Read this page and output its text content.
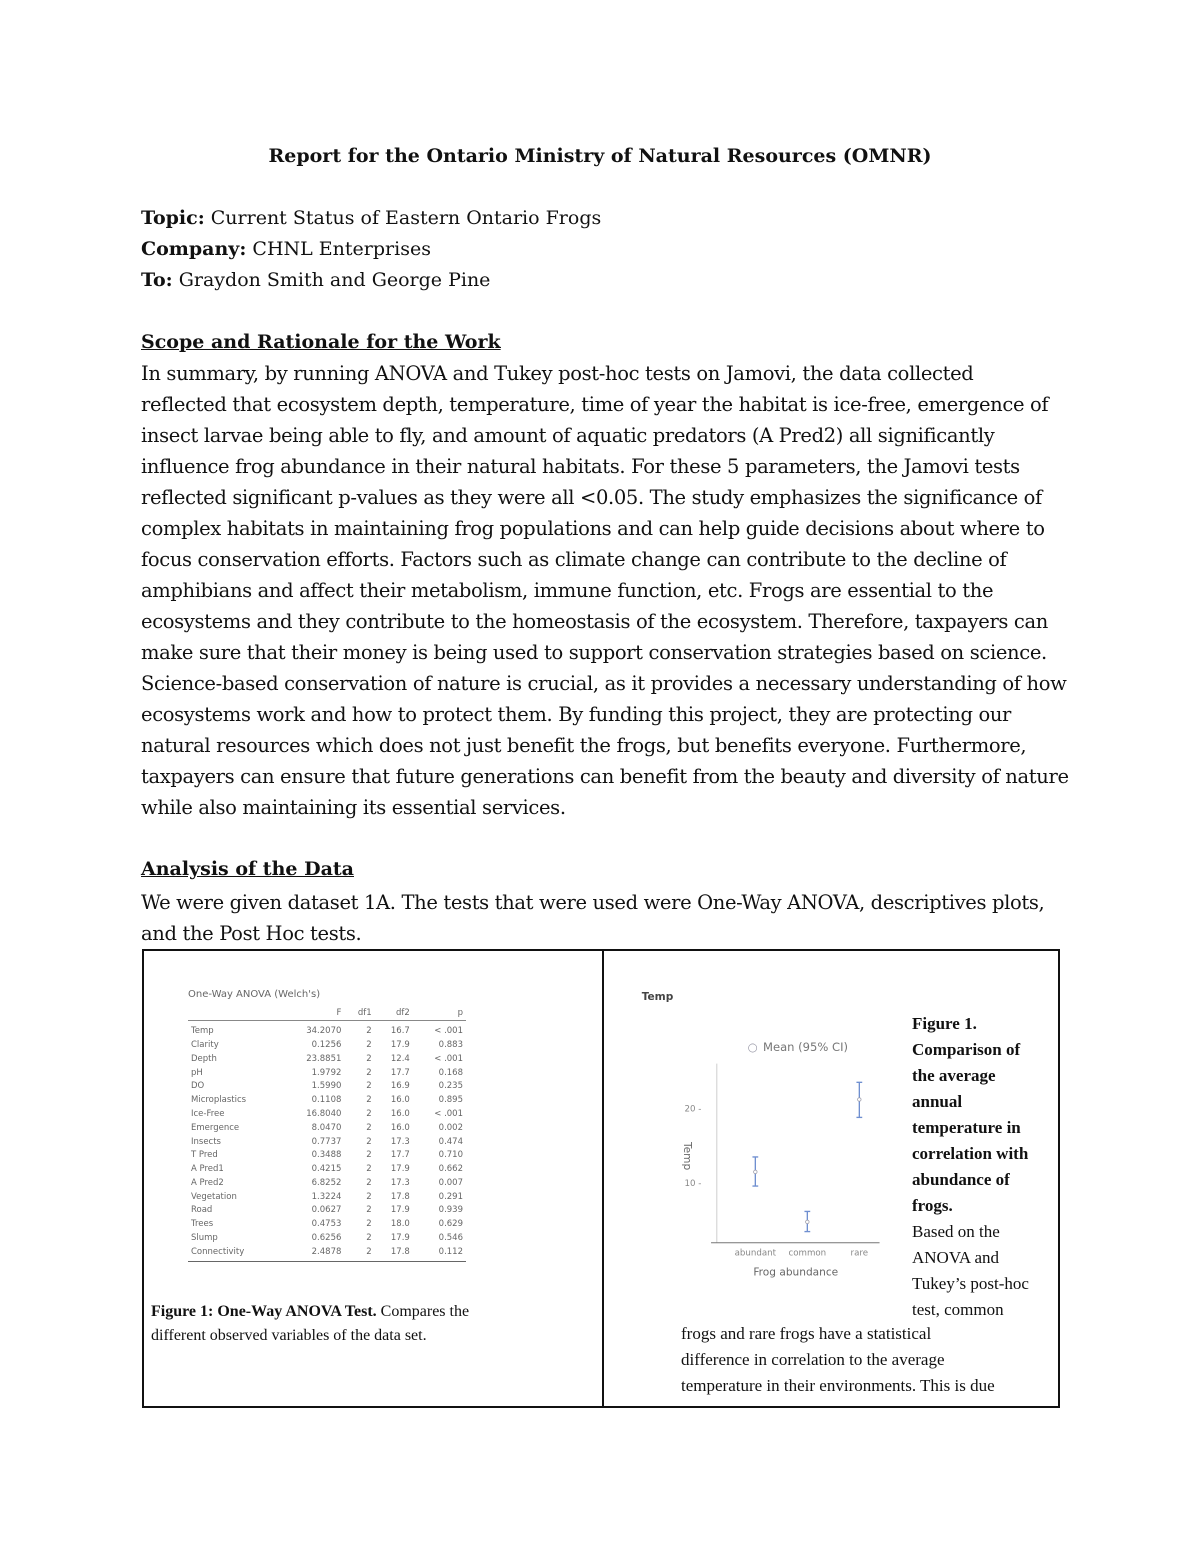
Report for the Ontario Ministry of Natural Resources (OMNR)
Topic: Current Status of Eastern Ontario Frogs
Company: CHNL Enterprises
To: Graydon Smith and George Pine
Scope and Rationale for the Work
In summary, by running ANOVA and Tukey post-hoc tests on Jamovi, the data collected
reflected that ecosystem depth, temperature, time of year the habitat is ice-free, emergence of
insect larvae being able to fly, and amount of aquatic predators (A Pred2) all significantly
influence frog abundance in their natural habitats. For these 5 parameters, the Jamovi tests
reflected significant p-values as they were all <0.05. The study emphasizes the significance of
complex habitats in maintaining frog populations and can help guide decisions about where to
focus conservation efforts. Factors such as climate change can contribute to the decline of
amphibians and affect their metabolism, immune function, etc. Frogs are essential to the
ecosystems and they contribute to the homeostasis of the ecosystem. Therefore, taxpayers can
make sure that their money is being used to support conservation strategies based on science.
Science-based conservation of nature is crucial, as it provides a necessary understanding of how
ecosystems work and how to protect them. By funding this project, they are protecting our
natural resources which does not just benefit the frogs, but benefits everyone. Furthermore,
taxpayers can ensure that future generations can benefit from the beauty and diversity of nature
while also maintaining its essential services.
Analysis of the Data
We were given dataset 1A. The tests that were used were One-Way ANOVA, descriptives plots,
and the Post Hoc tests.
One-Way ANOVA (Welch's)
	F	df1	df2	p
Temp	34.2070	2	16.7	< .001
Clarity	0.1256	2	17.9	0.883
Depth	23.8851	2	12.4	< .001
pH	1.9792	2	17.7	0.168
DO	1.5990	2	16.9	0.235
Microplastics	0.1108	2	16.0	0.895
Ice-Free	16.8040	2	16.0	< .001
Emergence	8.0470	2	16.0	0.002
Insects	0.7737	2	17.3	0.474
T Pred	0.3488	2	17.7	0.710
A Pred1	0.4215	2	17.9	0.662
A Pred2	6.8252	2	17.3	0.007
Vegetation	1.3224	2	17.8	0.291
Road	0.0627	2	17.9	0.939
Trees	0.4753	2	18.0	0.629
Slump	0.6256	2	17.9	0.546
Connectivity	2.4878	2	17.8	0.112
Figure 1: One-Way ANOVA Test. Compares the
different observed variables of the data set.
Temp
○ Mean (95% CI)
10 -
20 -
abundant common	rare
Frog abundance
Temp
Figure 1.
Comparison of
the average
annual
temperature in
correlation with
abundance of
frogs.
Based on the
ANOVA and
Tukey’s post-hoc
test, common
frogs and rare frogs have a statistical
difference in correlation to the average
temperature in their environments. This is due
